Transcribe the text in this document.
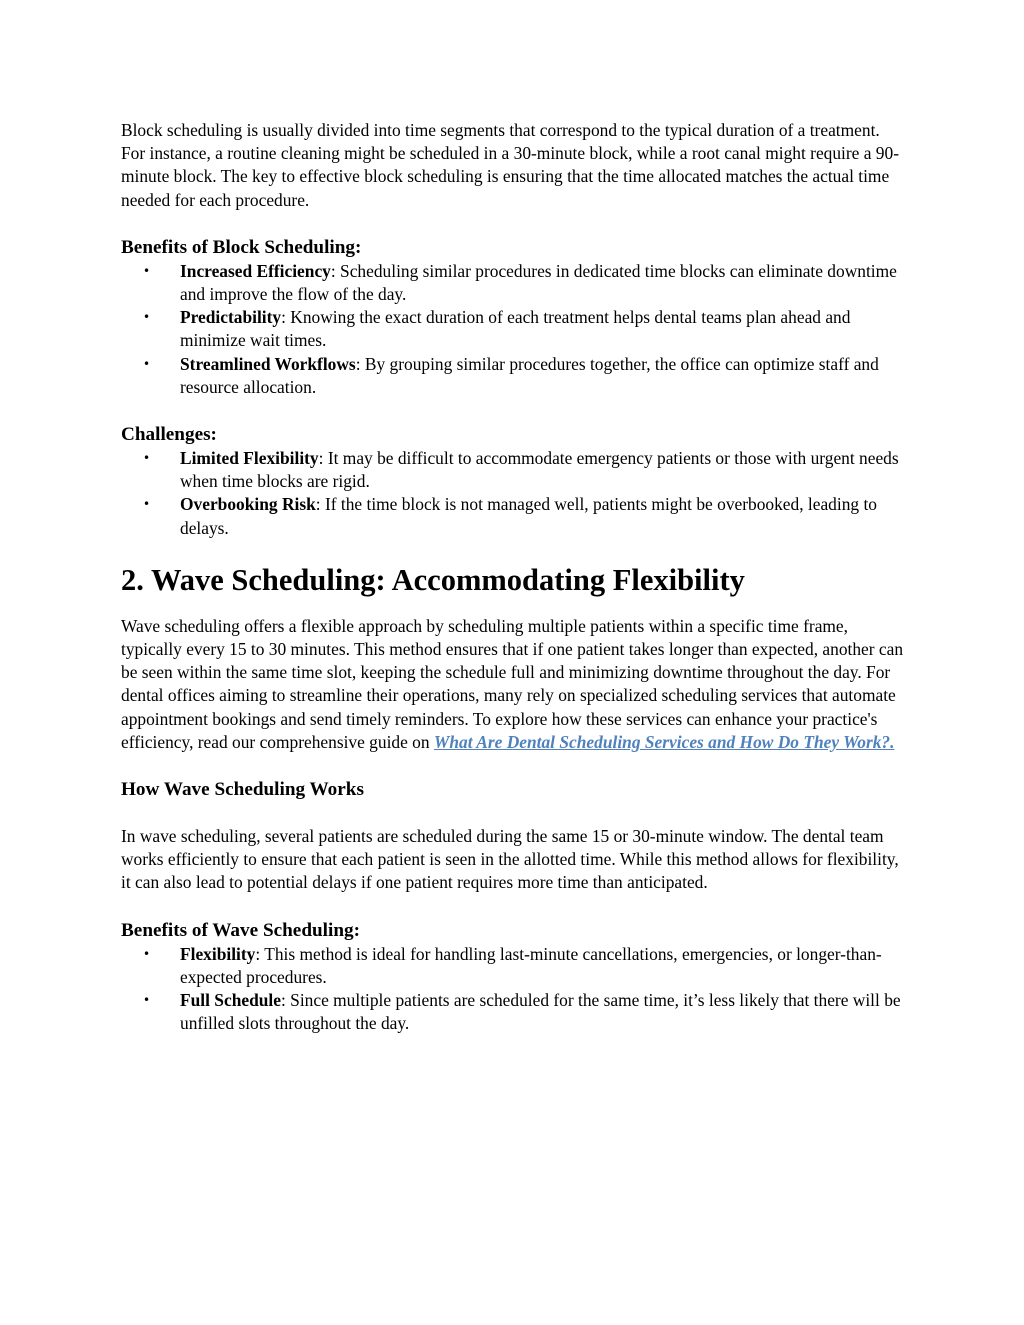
Block scheduling is usually divided into time segments that correspond to the typical duration of a treatment. For instance, a routine cleaning might be scheduled in a 30-minute block, while a root canal might require a 90-minute block. The key to effective block scheduling is ensuring that the time allocated matches the actual time needed for each procedure.

Benefits of Block Scheduling:
• Increased Efficiency: Scheduling similar procedures in dedicated time blocks can eliminate downtime and improve the flow of the day.
• Predictability: Knowing the exact duration of each treatment helps dental teams plan ahead and minimize wait times.
• Streamlined Workflows: By grouping similar procedures together, the office can optimize staff and resource allocation.
Challenges:
• Limited Flexibility: It may be difficult to accommodate emergency patients or those with urgent needs when time blocks are rigid.
• Overbooking Risk: If the time block is not managed well, patients might be overbooked, leading to delays.
2. Wave Scheduling: Accommodating Flexibility

Wave scheduling offers a flexible approach by scheduling multiple patients within a specific time frame, typically every 15 to 30 minutes. This method ensures that if one patient takes longer than expected, another can be seen within the same time slot, keeping the schedule full and minimizing downtime throughout the day. For dental offices aiming to streamline their operations, many rely on specialized scheduling services that automate appointment bookings and send timely reminders. To explore how these services can enhance your practice's efficiency, read our comprehensive guide on What Are Dental Scheduling Services and How Do They Work?.

How Wave Scheduling Works

In wave scheduling, several patients are scheduled during the same 15 or 30-minute window. The dental team works efficiently to ensure that each patient is seen in the allotted time. While this method allows for flexibility, it can also lead to potential delays if one patient requires more time than anticipated.

Benefits of Wave Scheduling:
• Flexibility: This method is ideal for handling last-minute cancellations, emergencies, or longer-than-expected procedures.
• Full Schedule: Since multiple patients are scheduled for the same time, it’s less likely that there will be unfilled slots throughout the day.
